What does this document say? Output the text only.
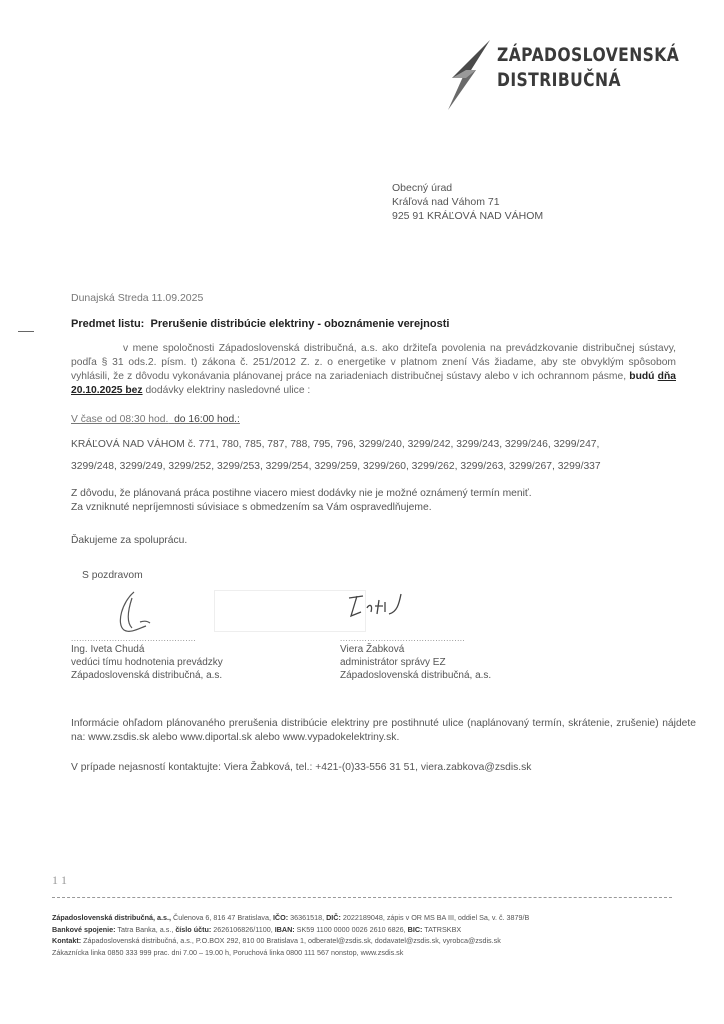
ZÁPADOSLOVENSKÁ
DISTRIBUČNÁ
Obecný úrad
Kráľová nad Váhom 71
925 91 KRÁĽOVÁ NAD VÁHOM
Dunajská Streda 11.09.2025
Predmet listu: Prerušenie distribúcie elektriny - oboznámenie verejnosti
v mene spoločnosti Západoslovenská distribučná, a.s. ako držiteľa povolenia na prevádzkovanie distribučnej sústavy, podľa § 31 ods.2. písm. t) zákona č. 251/2012 Z. z. o energetike v platnom znení Vás žiadame, aby ste obvyklým spôsobom vyhlásili, že z dôvodu vykonávania plánovanej práce na zariadeniach distribučnej sústavy alebo v ich ochrannom pásme, budú dňa 20.10.2025 bez dodávky elektriny nasledovné ulice :
V čase od 08:30 hod. do 16:00 hod.:
KRÁĽOVÁ NAD VÁHOM č. 771, 780, 785, 787, 788, 795, 796, 3299/240, 3299/242, 3299/243, 3299/246, 3299/247,
3299/248, 3299/249, 3299/252, 3299/253, 3299/254, 3299/259, 3299/260, 3299/262, 3299/263, 3299/267, 3299/337
Z dôvodu, že plánovaná práca postihne viacero miest dodávky nie je možné oznámený termín meniť.
Za vzniknuté nepríjemnosti súvisiace s obmedzením sa Vám ospravedlňujeme.
Ďakujeme za spoluprácu.
S pozdravom
..............................................
Ing. Iveta Chudá
vedúci tímu hodnotenia prevádzky
Západoslovenská distribučná, a.s.
..............................................
Viera Žabková
administrátor správy EZ
Západoslovenská distribučná, a.s.
Informácie ohľadom plánovaného prerušenia distribúcie elektriny pre postihnuté ulice (naplánovaný termín, skrátenie, zrušenie) nájdete na: www.zsdis.sk alebo www.diportal.sk alebo www.vypadokelektriny.sk.
V prípade nejasností kontaktujte: Viera Žabková, tel.: +421-(0)33-556 31 51, viera.zabkova@zsdis.sk
1 1
Západoslovenská distribučná, a.s., Čulenova 6, 816 47 Bratislava, IČO: 36361518, DIČ: 2022189048, zápis v OR MS BA III, oddiel Sa, v. č. 3879/B
Bankové spojenie: Tatra Banka, a.s., číslo účtu: 2626106826/1100, IBAN: SK59 1100 0000 0026 2610 6826, BIC: TATRSKBX
Kontakt: Západoslovenská distribučná, a.s., P.O.BOX 292, 810 00 Bratislava 1, odberatel@zsdis.sk, dodavatel@zsdis.sk, vyrobca@zsdis.sk
Zákaznícka linka 0850 333 999 prac. dni 7.00 – 19.00 h, Poruchová linka 0800 111 567 nonstop, www.zsdis.sk
